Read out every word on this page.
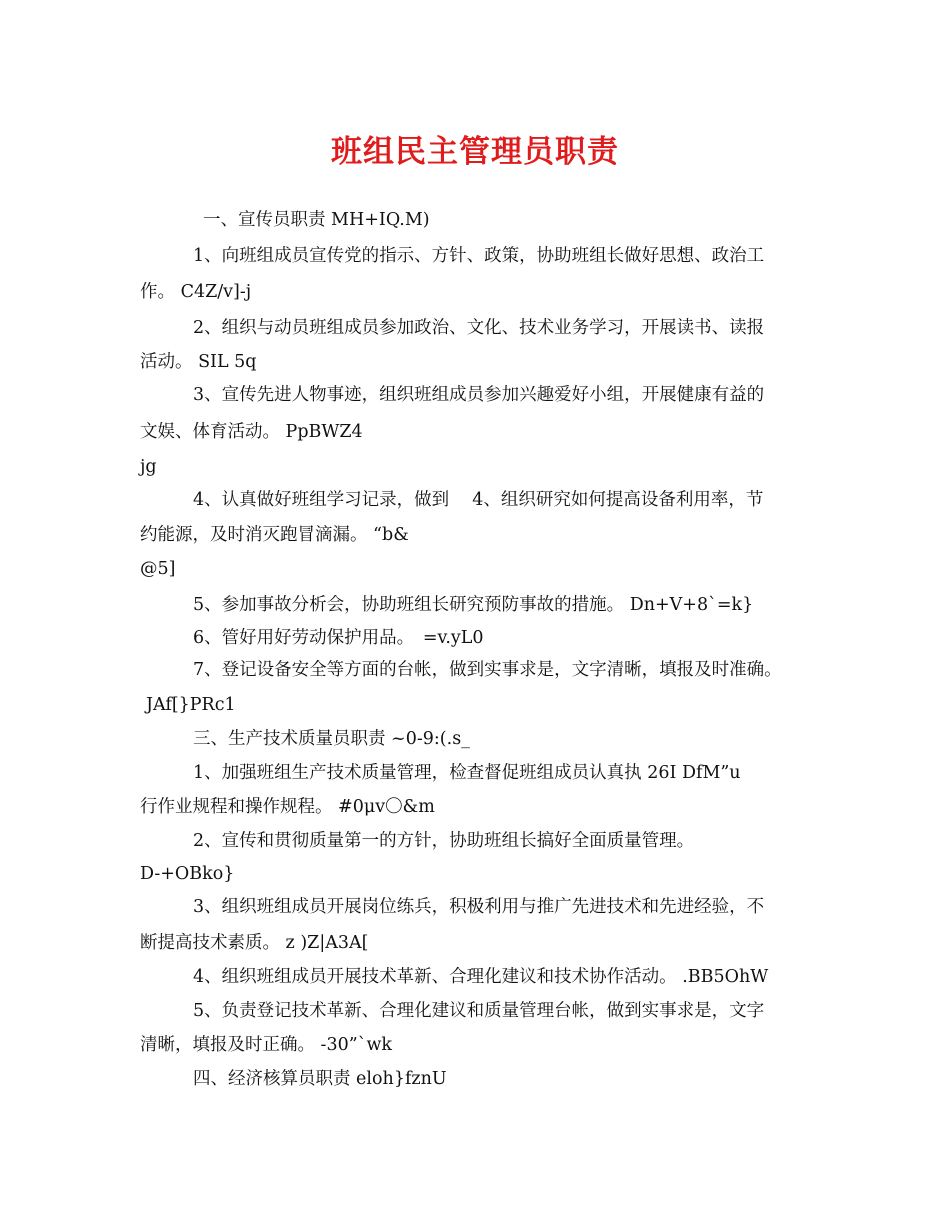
班组民主管理员职责

一、宣传员职责 MH+IQ.M)

1、向班组成员宣传党的指示、方针、政策，协助班组长做好思想、政治工

作。 C4Z/v]-j

2、组织与动员班组成员参加政治、文化、技术业务学习，开展读书、读报

活动。 SIL 5q

3、宣传先进人物事迹，组织班组成员参加兴趣爱好小组，开展健康有益的

文娱、体育活动。 PpBWZ4

jg

4、认真做好班组学习记录，做到　 4、组织研究如何提高设备利用率，节

约能源，及时消灭跑冒滴漏。 “b&

@5]

5、参加事故分析会，协助班组长研究预防事故的措施。 Dn+V+8`=k}

6、管好用好劳动保护用品。　=v.yL0

7、登记设备安全等方面的台帐，做到实事求是，文字清晰，填报及时准确。

JAf[}PRc1

三、生产技术质量员职责 ~0-9:(.s_

1、加强班组生产技术质量管理，检查督促班组成员认真执 26I DfM”u

行作业规程和操作规程。 #0μv〇&m

2、宣传和贯彻质量第一的方针，协助班组长搞好全面质量管理。

D-+OBko}

3、组织班组成员开展岗位练兵，积极利用与推广先进技术和先进经验，不

断提高技术素质。 z )Z|A3A[

4、组织班组成员开展技术革新、合理化建议和技术协作活动。 .BB5OhW

5、负责登记技术革新、合理化建议和质量管理台帐，做到实事求是，文字

清晰，填报及时正确。 -30”`wk

四、经济核算员职责 eloh}fznU
